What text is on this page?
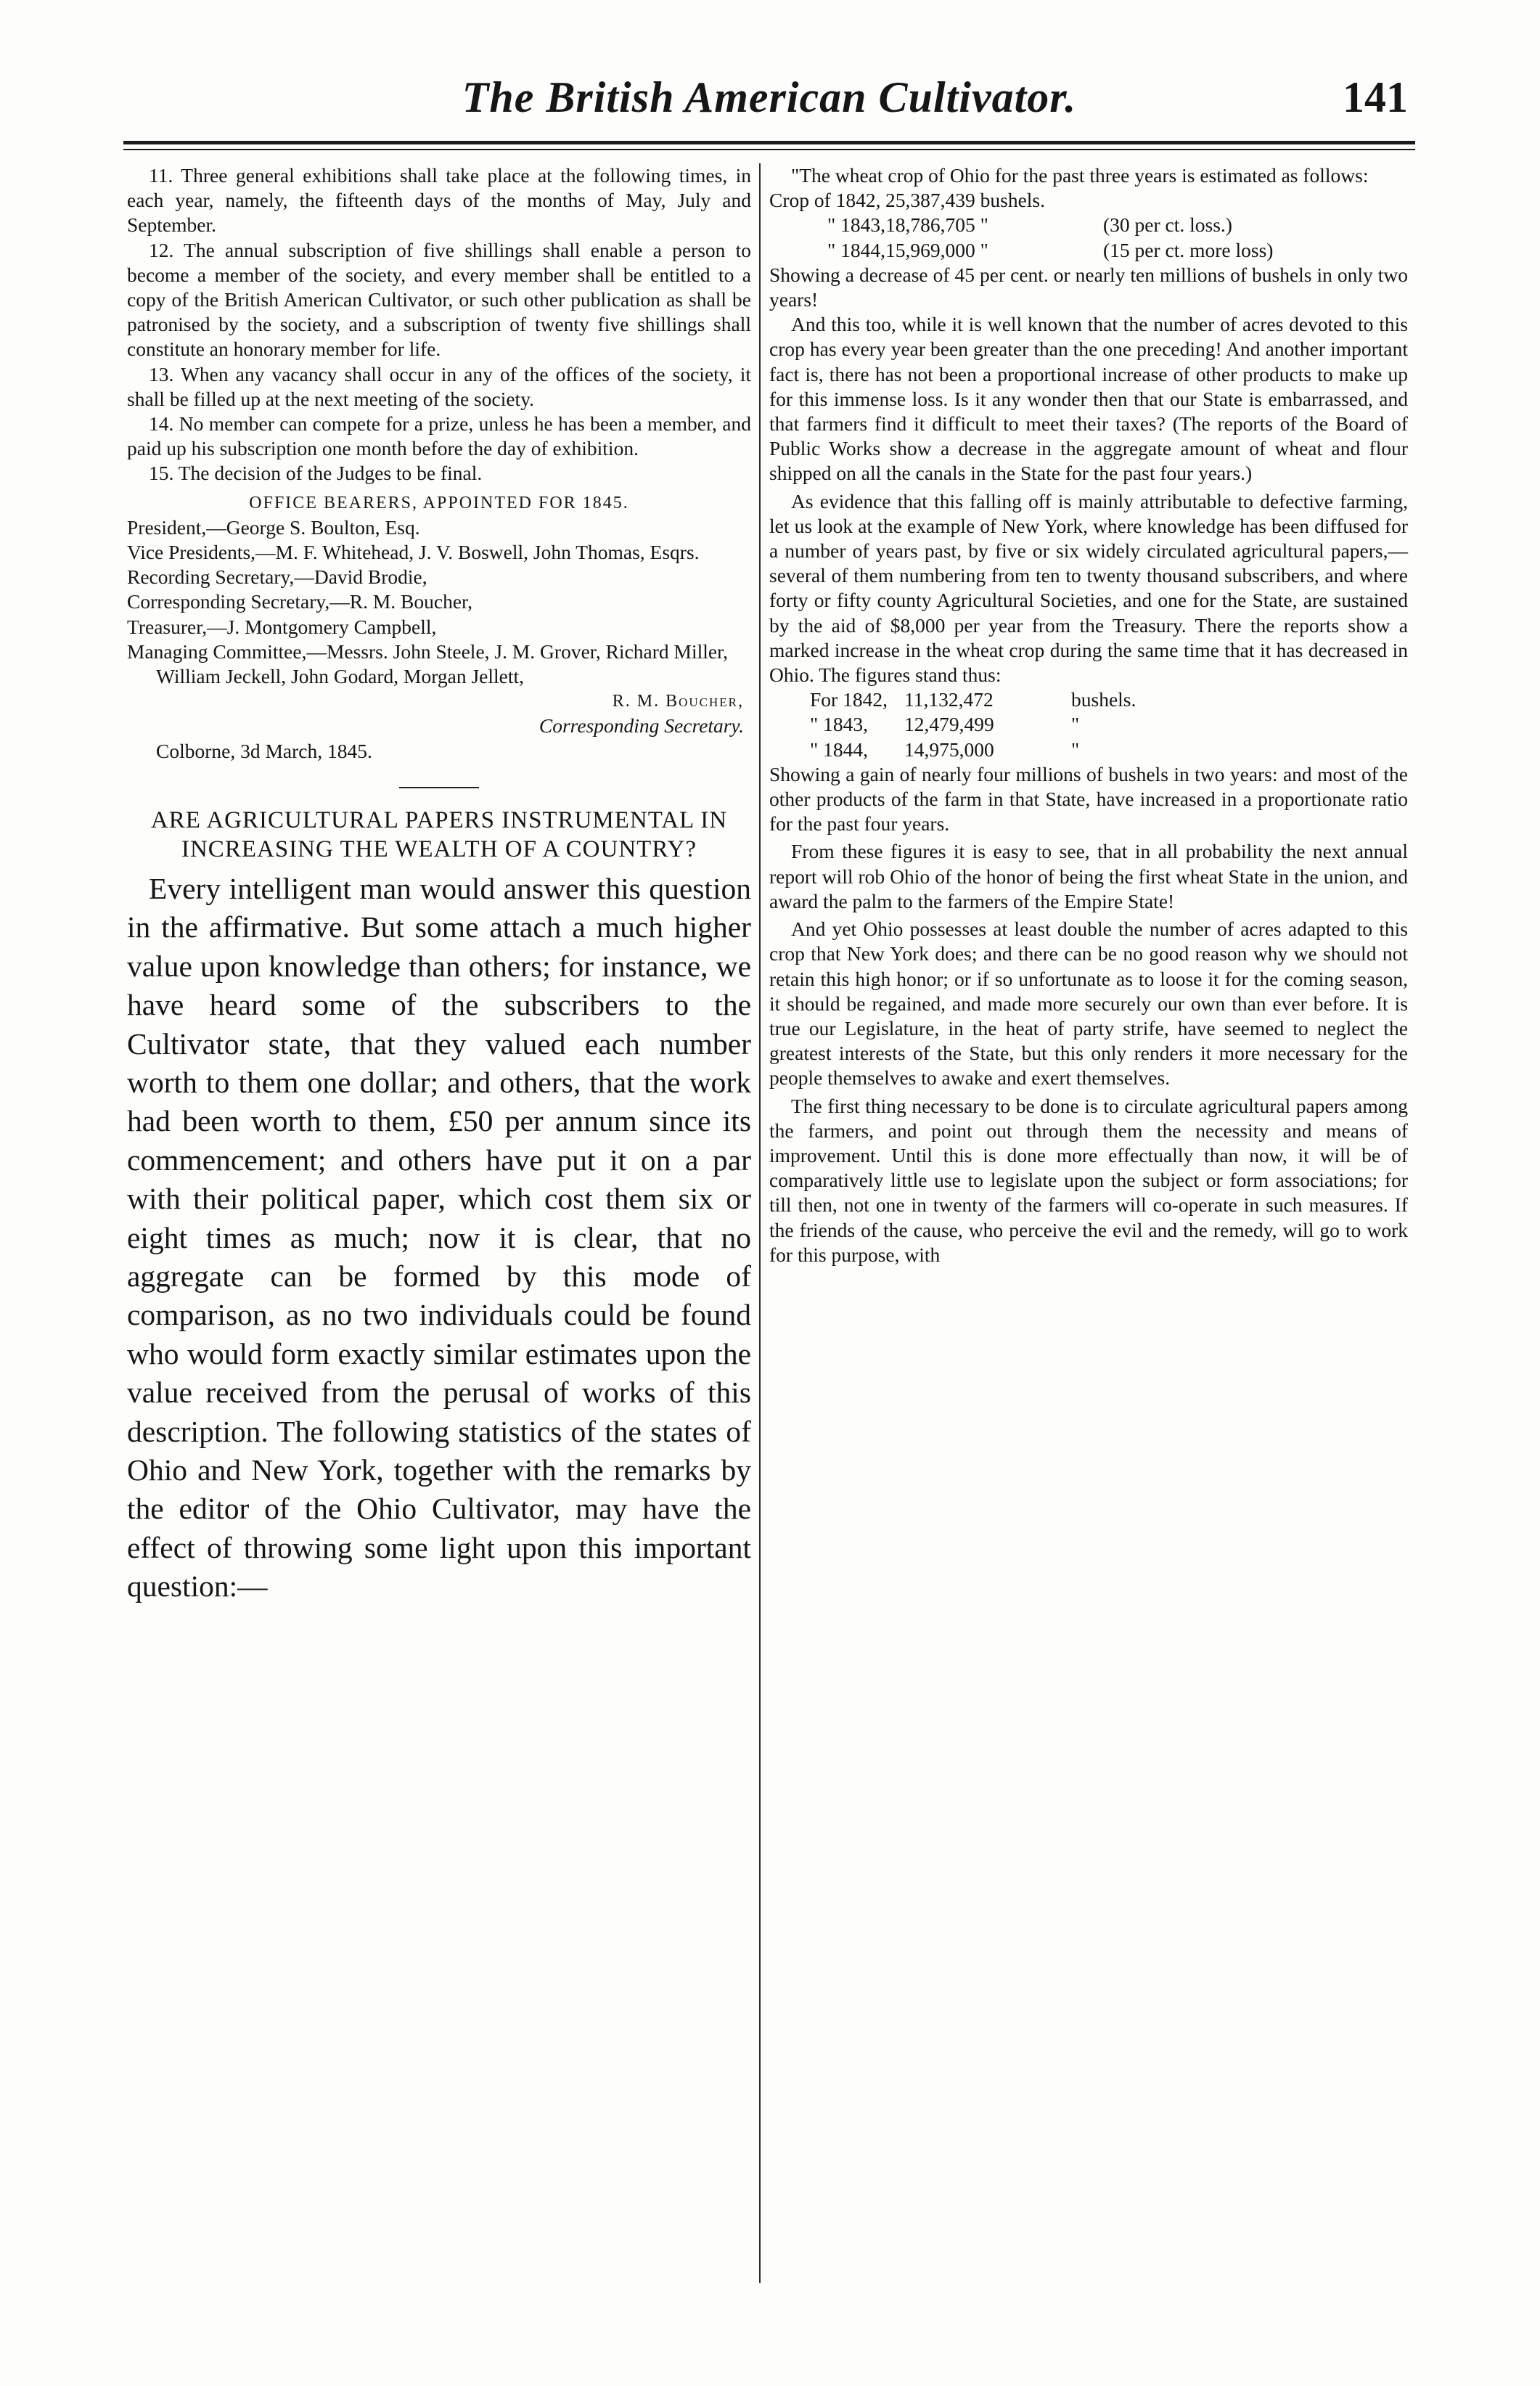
The British American Cultivator.	141

11. Three general exhibitions shall take place at the following times, in each year, namely, the fifteenth days of the months of May, July and September.

12. The annual subscription of five shillings shall enable a person to become a member of the society, and every member shall be entitled to a copy of the British American Cultivator, or such other publication as shall be patronised by the society, and a subscription of twenty five shillings shall constitute an honorary member for life.

13. When any vacancy shall occur in any of the offices of the society, it shall be filled up at the next meeting of the society.

14. No member can compete for a prize, unless he has been a member, and paid up his subscription one month before the day of exhibition.

15. The decision of the Judges to be final.

OFFICE BEARERS, APPOINTED FOR 1845.

President,—George S. Boulton, Esq.

Vice Presidents,—M. F. Whitehead, J. V. Boswell, John Thomas, Esqrs.

Recording Secretary,—David Brodie,

Corresponding Secretary,—R. M. Boucher,

Treasurer,—J. Montgomery Campbell,

Managing Committee,—Messrs. John Steele, J. M. Grover, Richard Miller, William Jeckell, John Godard, Morgan Jellett,

R. M. Boucher,

Corresponding Secretary.

Colborne, 3d March, 1845.

ARE AGRICULTURAL PAPERS INSTRUMENTAL IN INCREASING THE WEALTH OF A COUNTRY?

Every intelligent man would answer this question in the affirmative. But some attach a much higher value upon knowledge than others; for instance, we have heard some of the subscribers to the Cultivator state, that they valued each number worth to them one dollar; and others, that the work had been worth to them, £50 per annum since its commencement; and others have put it on a par with their political paper, which cost them six or eight times as much; now it is clear, that no aggregate can be formed by this mode of comparison, as no two individuals could be found who would form exactly similar estimates upon the value received from the perusal of works of this description. The following statistics of the states of Ohio and New York, together with the remarks by the editor of the Ohio Cultivator, may have the effect of throwing some light upon this important question:—

"The wheat crop of Ohio for the past three years is estimated as follows:

Crop of 1842, 25,387,439 bushels.
" 1843,18,786,705 "	(30 per ct. loss.)
" 1844,15,969,000 "	(15 per ct. more loss)

Showing a decrease of 45 per cent. or nearly ten millions of bushels in only two years!

And this too, while it is well known that the number of acres devoted to this crop has every year been greater than the one preceding! And another important fact is, there has not been a proportional increase of other products to make up for this immense loss. Is it any wonder then that our State is embarrassed, and that farmers find it difficult to meet their taxes? (The reports of the Board of Public Works show a decrease in the aggregate amount of wheat and flour shipped on all the canals in the State for the past four years.)

As evidence that this falling off is mainly attributable to defective farming, let us look at the example of New York, where knowledge has been diffused for a number of years past, by five or six widely circulated agricultural papers,—several of them numbering from ten to twenty thousand subscribers, and where forty or fifty county Agricultural Societies, and one for the State, are sustained by the aid of $8,000 per year from the Treasury. There the reports show a marked increase in the wheat crop during the same time that it has decreased in Ohio. The figures stand thus:

For 1842, 11,132,472	bushels.
" 1843, 12,479,499	"
" 1844, 14,975,000	"

Showing a gain of nearly four millions of bushels in two years: and most of the other products of the farm in that State, have increased in a proportionate ratio for the past four years.

From these figures it is easy to see, that in all probability the next annual report will rob Ohio of the honor of being the first wheat State in the union, and award the palm to the farmers of the Empire State!

And yet Ohio possesses at least double the number of acres adapted to this crop that New York does; and there can be no good reason why we should not retain this high honor; or if so unfortunate as to loose it for the coming season, it should be regained, and made more securely our own than ever before. It is true our Legislature, in the heat of party strife, have seemed to neglect the greatest interests of the State, but this only renders it more necessary for the people themselves to awake and exert themselves.

The first thing necessary to be done is to circulate agricultural papers among the farmers, and point out through them the necessity and means of improvement. Until this is done more effectually than now, it will be of comparatively little use to legislate upon the subject or form associations; for till then, not one in twenty of the farmers will co-operate in such measures. If the friends of the cause, who perceive the evil and the remedy, will go to work for this purpose, with
